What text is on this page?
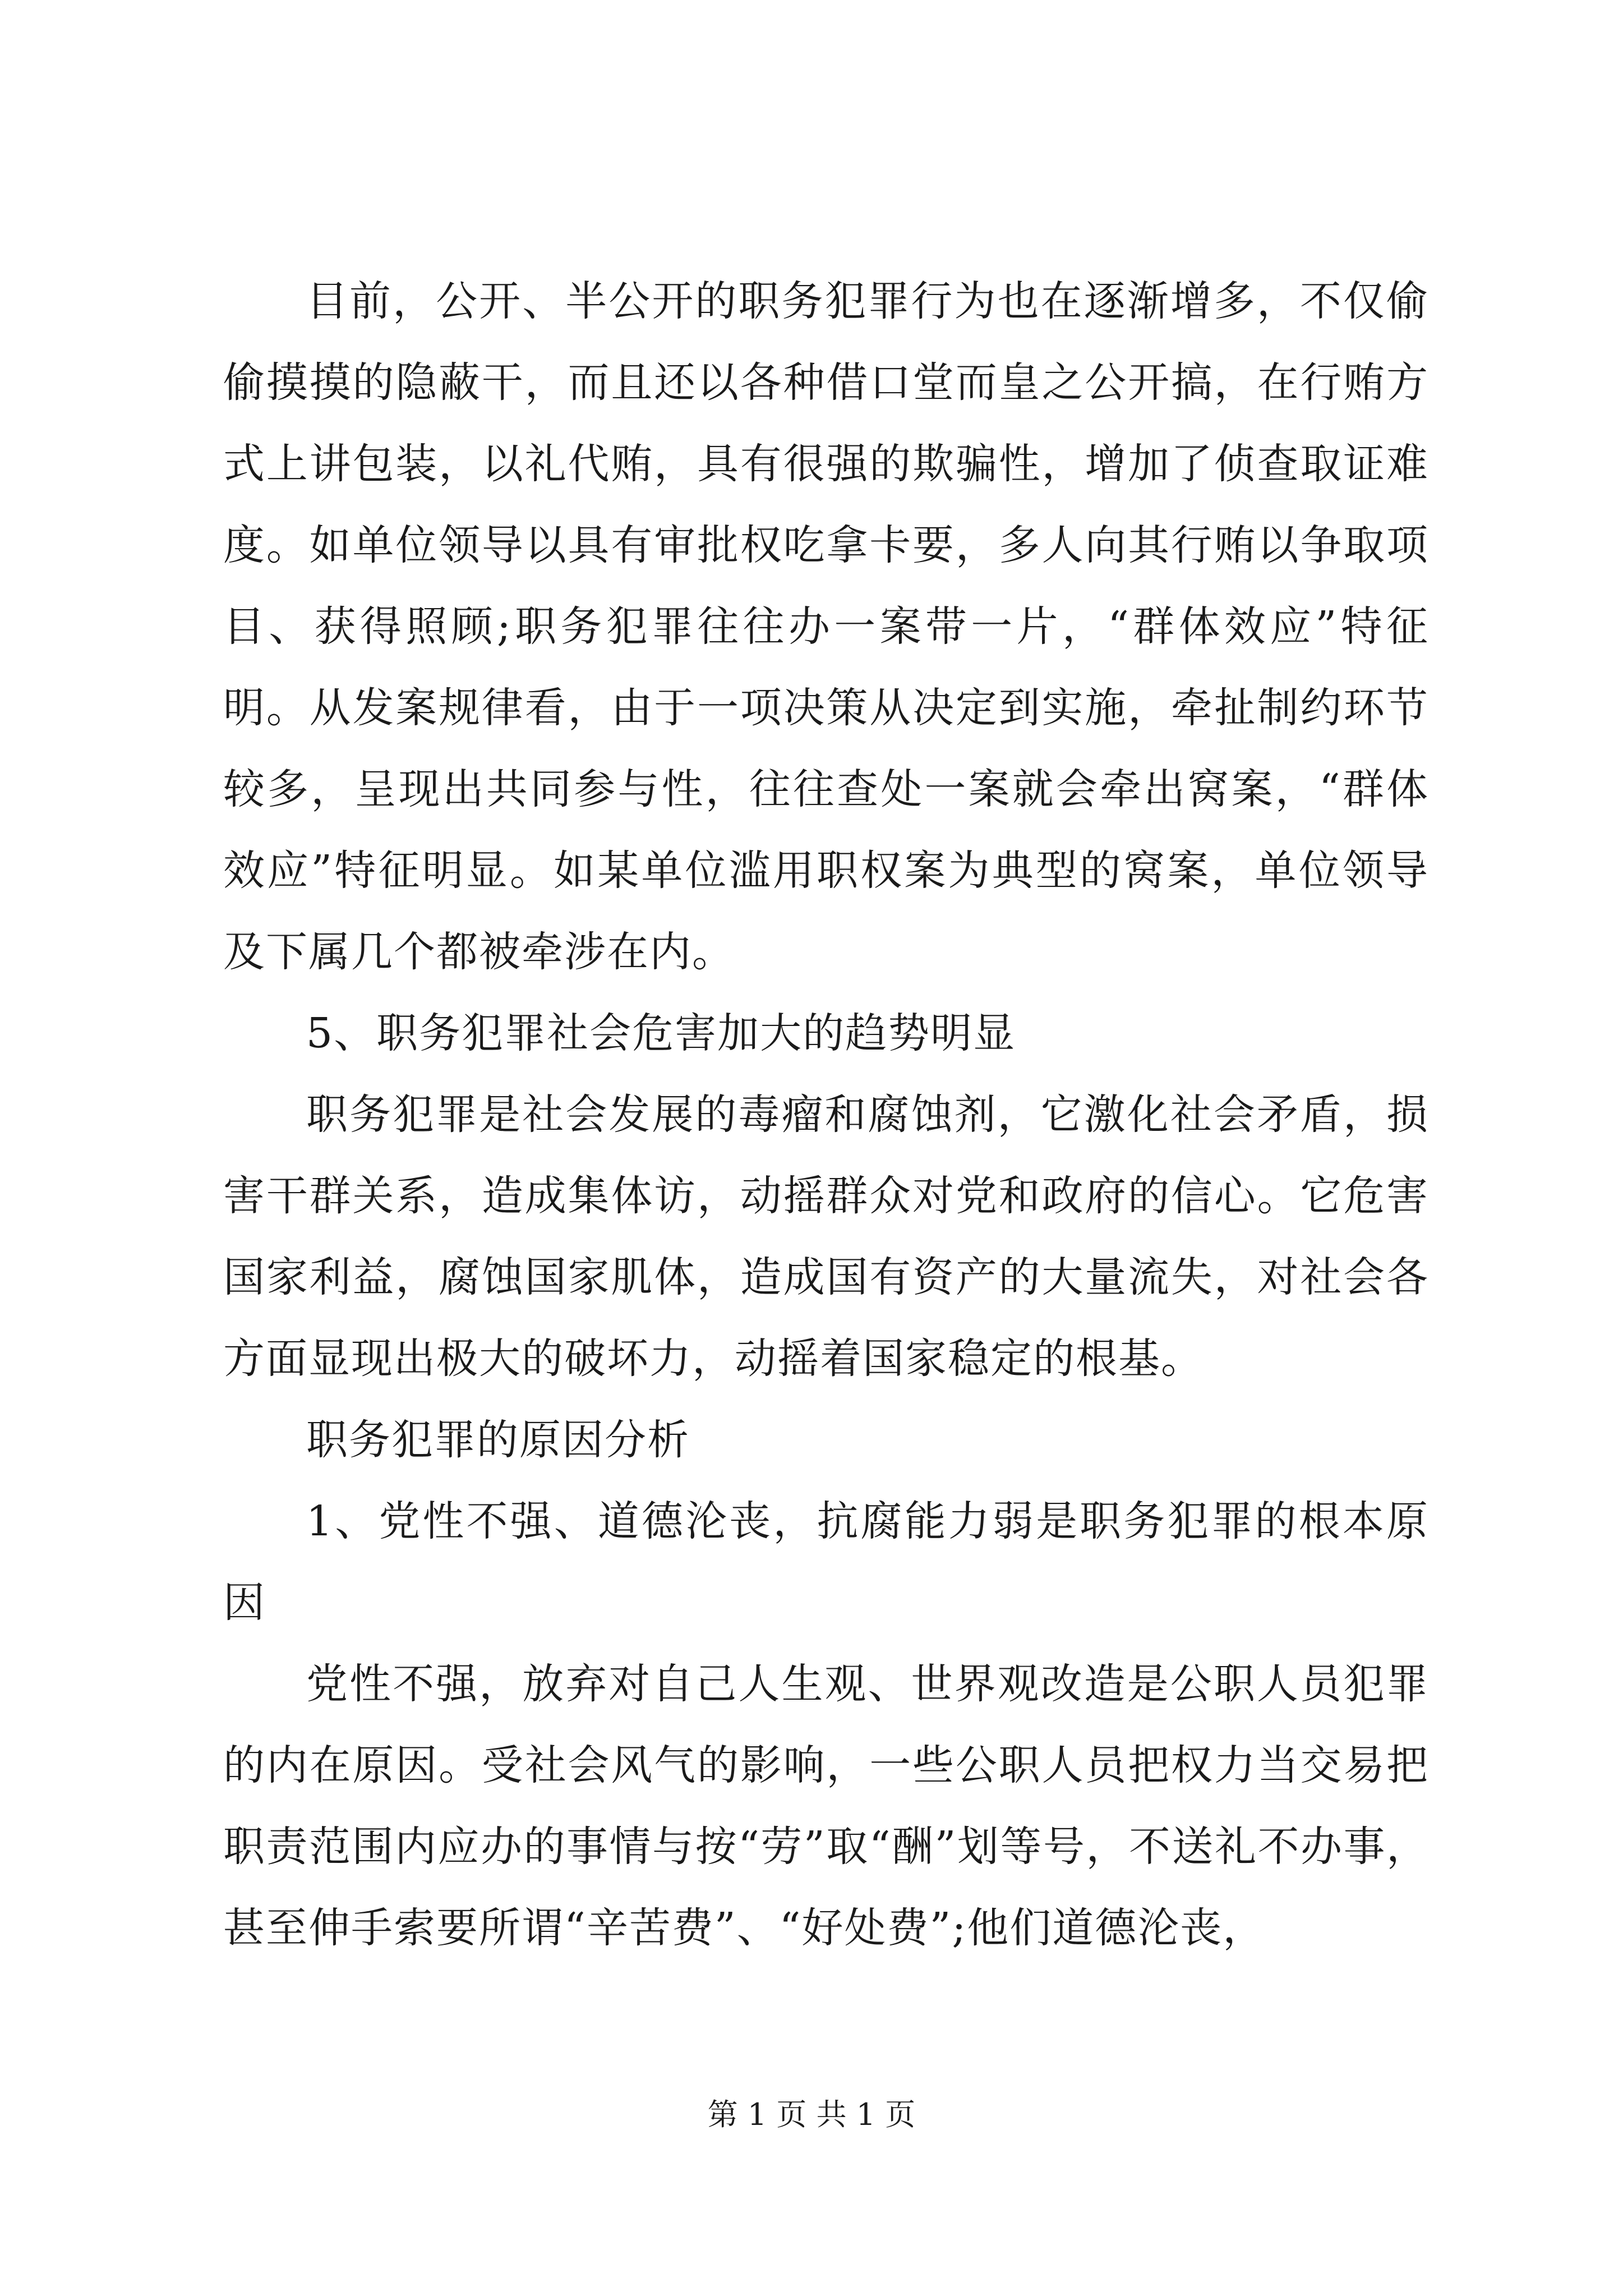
目前，公开、半公开的职务犯罪行为也在逐渐增多，不仅偷偷摸摸的隐蔽干，而且还以各种借口堂而皇之公开搞，在行贿方式上讲包装，以礼代贿，具有很强的欺骗性，增加了侦查取证难度。如单位领导以具有审批权吃拿卡要，多人向其行贿以争取项目、获得照顾;职务犯罪往往办一案带一片，“群体效应”特征明。从发案规律看，由于一项决策从决定到实施，牵扯制约环节较多，呈现出共同参与性，往往查处一案就会牵出窝案，“群体效应”特征明显。如某单位滥用职权案为典型的窝案，单位领导及下属几个都被牵涉在内。

5、职务犯罪社会危害加大的趋势明显

职务犯罪是社会发展的毒瘤和腐蚀剂，它激化社会矛盾，损害干群关系，造成集体访，动摇群众对党和政府的信心。它危害国家利益，腐蚀国家肌体，造成国有资产的大量流失，对社会各方面显现出极大的破坏力，动摇着国家稳定的根基。

职务犯罪的原因分析

1、党性不强、道德沦丧，抗腐能力弱是职务犯罪的根本原因

党性不强，放弃对自己人生观、世界观改造是公职人员犯罪的内在原因。受社会风气的影响，一些公职人员把权力当交易把职责范围内应办的事情与按“劳”取“酬”划等号，不送礼不办事，甚至伸手索要所谓“辛苦费”、“好处费”;他们道德沦丧，

第 1 页 共 1 页
